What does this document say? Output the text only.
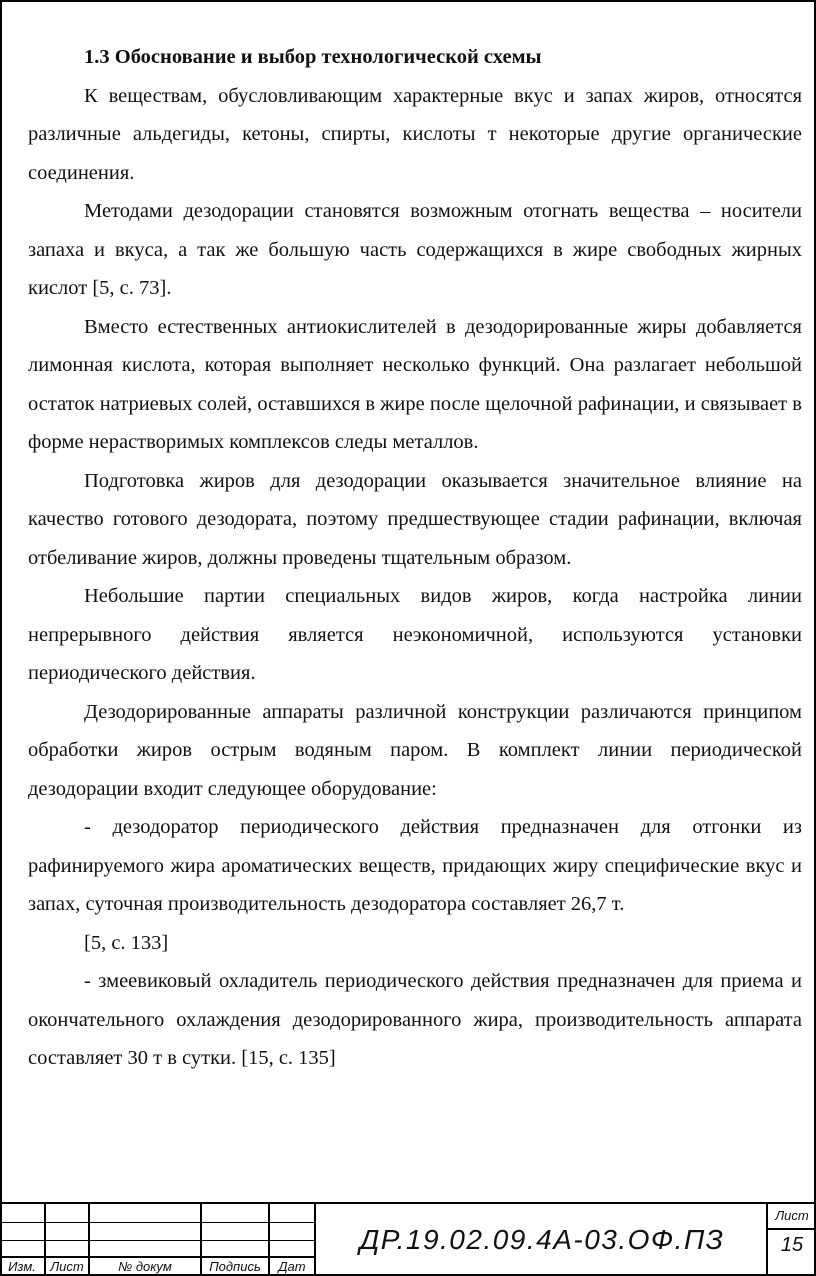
1.3 Обоснование и выбор технологической схемы

К веществам, обусловливающим характерные вкус и запах жиров, относятся различные альдегиды, кетоны, спирты, кислоты т некоторые другие органические соединения.

Методами дезодорации становятся возможным отогнать вещества – носители запаха и вкуса, а так же большую часть содержащихся в жире свободных жирных кислот [5, с. 73].

Вместо естественных антиокислителей в дезодорированные жиры добавляется лимонная кислота, которая выполняет несколько функций. Она разлагает небольшой остаток натриевых солей, оставшихся в жире после щелочной рафинации, и связывает в форме нерастворимых комплексов следы металлов.

Подготовка жиров для дезодорации оказывается значительное влияние на качество готового дезодората, поэтому предшествующее стадии рафинации, включая отбеливание жиров, должны проведены тщательным образом.

Небольшие партии специальных видов жиров, когда настройка линии непрерывного действия является неэкономичной, используются установки периодического действия.

Дезодорированные аппараты различной конструкции различаются принципом обработки жиров острым водяным паром. В комплект линии периодической дезодорации входит следующее оборудование:

- дезодоратор периодического действия предназначен для отгонки из рафинируемого жира ароматических веществ, придающих жиру специфические вкус и запах, суточная производительность дезодоратора составляет 26,7 т.

[5, с. 133]

- змеевиковый охладитель периодического действия предназначен для приема и окончательного охлаждения дезодорированного жира, производительность аппарата составляет 30 т в сутки. [15, с. 135]

Изм.	Лист	№ докум	Подпись	Дат
ДР.19.02.09.4А-03.ОФ.ПЗ
Лист
15
